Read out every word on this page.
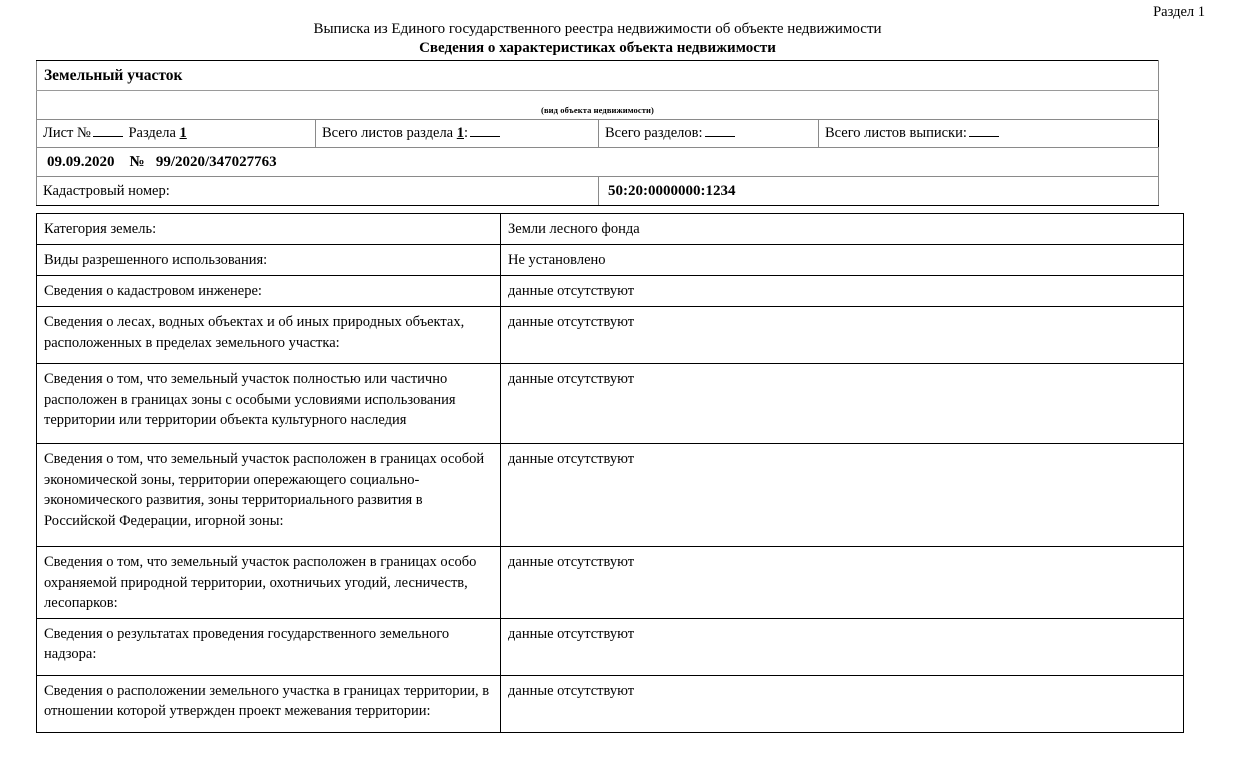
Раздел 1
Выписка из Единого государственного реестра недвижимости об объекте недвижимости
Сведения о характеристиках объекта недвижимости
Земельный участок			
(вид объекта недвижимости)			
Лист № Раздела 1	Всего листов раздела 1:	Всего разделов:	Всего листов выписки:
09.09.2020 № 99/2020/347027763			
Кадастровый номер:		50:20:0000000:1234	
Категория земель:	Земли лесного фонда
Виды разрешенного использования:	Не установлено
Сведения о кадастровом инженере:	данные отсутствуют
Сведения о лесах, водных объектах и об иных природных объектах, расположенных в пределах земельного участка:	данные отсутствуют
Сведения о том, что земельный участок полностью или частично расположен в границах зоны с особыми условиями использования территории или территории объекта культурного наследия	данные отсутствуют
Сведения о том, что земельный участок расположен в границах особой экономической зоны, территории опережающего социально-экономического развития, зоны территориального развития в Российской Федерации, игорной зоны:	данные отсутствуют
Сведения о том, что земельный участок расположен в границах особо охраняемой природной территории, охотничьих угодий, лесничеств, лесопарков:	данные отсутствуют
Сведения о результатах проведения государственного земельного надзора:	данные отсутствуют
Сведения о расположении земельного участка в границах территории, в отношении которой утвержден проект межевания территории:	данные отсутствуют
